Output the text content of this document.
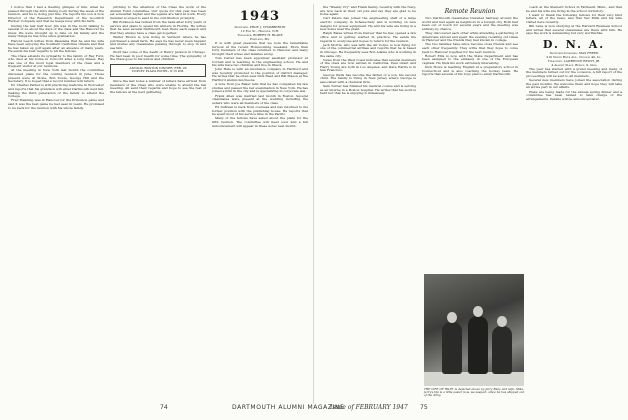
I notice that I had a fleeting glimpse of him, when he passed through the Inn's dining room during the week of the reunion, and he is doing just fine. He reports his son is now Director of the Research Department of the Goodrich Rubber Company and that he keeps busy with his farm.

During the last half hour Jim was in the room talking to several of us about the days of the class and the Hanover he knew. We were brought up to date on his family and the many things he has done since graduation.

Harold Leach writes from Pasadena that he and his wife have been enjoying the Southern California climate and that he has taken up golf again after an absence of many years. He sends his best regards to all the fellows.

The Class extends its sympathy to the family of Ray Ford, who died at his home in Concord after a long illness. Ray was one of the most loyal members of the class and a frequent visitor at our reunions.

At the meeting in New York last month the committee discussed plans for the coming reunion in June. Those present were Al Stone, Bob Towle, George Hill and the Secretary. It is hoped that a record number will return.

Dr. Charles Parker is still practicing medicine in Worcester and reports that his grandson will enter Dartmouth next fall, making the third generation of the family to attend the College.

Fred Manning was in Hanover for the Princeton game and said it was the best game he had seen in years. He promised to be back for the reunion with his whole family.

pitching to the attention of the Class the work of the Alumni Fund committee. Our quota for this year has been set somewhat higher and the agents are hard at work. Every member is urged to send in his contribution promptly.

Bill Robinson has retired from the bank after forty years of service and plans to spend his winters in Florida. He writes that he sees several Dartmouth men there each season and that they always have a class get-together.

Walter Brown is now living in Vermont where he has purchased a small farm. He says he has never been happier and invites any classmates passing through to stop in and see him.

Word has come of the death of Henry Jackson in Chicago. He had been in poor health for some time. The sympathy of the Class goes to his widow and children.

ANNUAL BOSTON DINNER, FEB. 26
COPLEY PLAZA HOTEL, 6:15 P.M.

Since the last notes a number of letters have arrived from members of the Class who were unable to attend the fall meeting. All send their regards and hope to see the rest of the fellows at the next gathering.

1943
Secretary, PROF. J. CHAMBERLIN
12 Elm St., Hanover, N.H.
Treasurer, ROBERT H. BLAKE
Portland, Me.

It is with great pleasure that we note the remarkable turnout at the recent Homecoming weekend. More than forty members of the class returned to Hanover and many brought their wives and families along.

Tom Carter has been appointed assistant professor at Cornell and is teaching in the engineering school. He and his wife have two children and live in Ithaca.

John Hale is with an insurance company in Hartford and was recently promoted to the position of district manager. He writes that he often sees Dick Reed and Bill Mason at the Hartford alumni luncheons.

A note from Joe Baker tells that he has completed his law studies and passed the bar examination in New York. He has joined a firm in the city and is specializing in corporate law.

Frank Allen was married last month in Boston. Several classmates were present at the wedding including the ushers who were all members of the class.

Ed Sullivan is back from overseas and has returned to his former position with the publishing house. He reports that he spent most of his service time in the Pacific.

Many of the fellows have asked about the plans for the fifth reunion. The committee will meet soon and a full announcement will appear in these notes next month.

the "Weekly Cry" and Frank Kenny, recently with the Navy, are now back at their old jobs and say they are glad to be home again.

Carl Peters has joined the engineering staff of a large electric company in Schenectady and is working on new designs for power equipment. He and his wife are living in a new home near the plant.

Ralph Bates writes from Denver that he has opened a law office and is getting started in practice. He sends his regards to everyone and hopes to return for the reunion.

Jack Morris, who was with the Air Corps, is now flying for one of the commercial airlines and reports that he is based in Chicago. He frequently sees Bob Adams who is working in the same city.

News from the West Coast indicates that several members of the class are now settled in California. Paul Grant and Harry Young are both in Los Angeles, and Dave Harris is in San Francisco.

George Wells has become the father of a son, his second child. The family is living in New Jersey where George is associated with a chemical firm.

Sam Turner has finished his medical course and is serving as an interne in a Boston hospital. He writes that his work is hard but that he is enjoying it immensely.

Remote Reunion

Two Dartmouth classmates travelled half-way around the world and met again as neighbors in a foreign city. Both had been out of touch for several years and the meeting was entirely by chance.

They discovered each other while attending a gathering of Americans abroad and spent the evening recalling old times in Hanover and the friends they had known in college.

The two families have since become close friends and see each other frequently. They write that they hope to come back to Hanover together for the next reunion.

Robert Ellis is now with the State Department and has been assigned to the embassy in one of the European capitals. He finds his work extremely interesting.

Dick Howe is teaching English at a preparatory school in Connecticut and is also coaching the hockey team. He reports that several of his boys plan to enter Dartmouth.

THE LIFE OF RILEY is depicted above by Jerry Riley and wife, Mike, Jerry's life is a little easier now, we suspect, since he has shipped out of the Army.

coach at the Steinerd School in Faribault, Minn., and that he and his wife are living in the school dormitory.

I want to thank the following fellows for their very kind letters, all of the news, and that Ted Mills and his wife visited here recently.

Bill Lane is now studying at the Harvard Business School and writes that several classmates are there with him. He says the work is demanding but very worthwhile.

D. N. A.
Secretary-Chairman, MAX FREED
210 North River Ave., Chicago 40, Ill.
Treasurer, LAWRENCE REICH, JR.
4 Almont Place, Bexley, 9, Ohio

The year has started with a grand meeting and many of the members turned out for the occasion. A full report of the proceedings will be sent to all members.

Several new members have joined the association during the past months. We welcome them and hope they will take an active part in our affairs.

Plans are being made for the annual spring dinner and a committee has been named to take charge of the arrangements. Details will be announced later.

74	DARTMOUTH ALUMNI MAGAZINE
Issue of FEBRUARY 1947 75
